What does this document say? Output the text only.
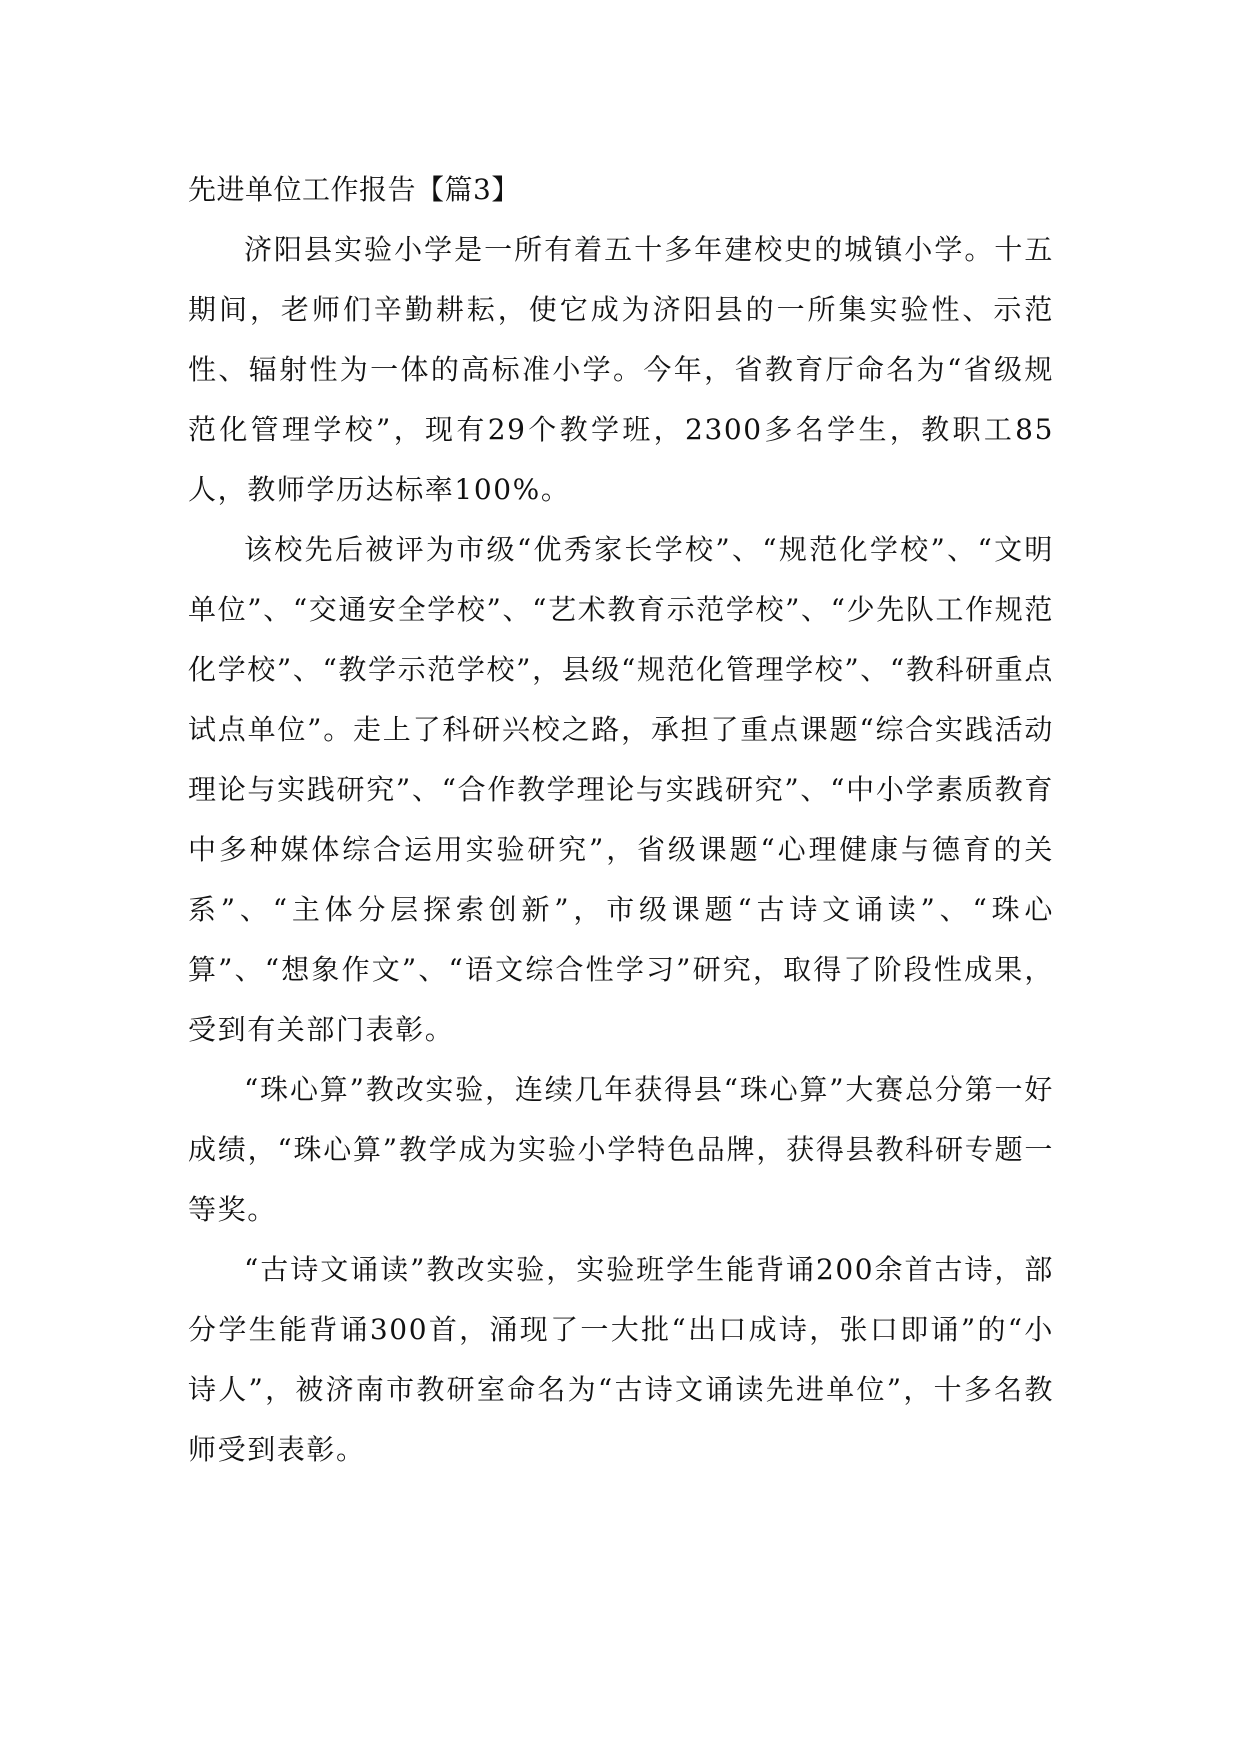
先进单位工作报告【篇3】

济阳县实验小学是一所有着五十多年建校史的城镇小学。十五期间，老师们辛勤耕耘，使它成为济阳县的一所集实验性、示范性、辐射性为一体的高标准小学。今年，省教育厅命名为“省级规范化管理学校”，现有29个教学班，2300多名学生，教职工85人，教师学历达标率100%。

该校先后被评为市级“优秀家长学校”、“规范化学校”、“文明单位”、“交通安全学校”、“艺术教育示范学校”、“少先队工作规范化学校”、“教学示范学校”，县级“规范化管理学校”、“教科研重点试点单位”。走上了科研兴校之路，承担了重点课题“综合实践活动理论与实践研究”、“合作教学理论与实践研究”、“中小学素质教育中多种媒体综合运用实验研究”，省级课题“心理健康与德育的关系”、“主体分层探索创新”，市级课题“古诗文诵读”、“珠心算”、“想象作文”、“语文综合性学习”研究，取得了阶段性成果，受到有关部门表彰。

“珠心算”教改实验，连续几年获得县“珠心算”大赛总分第一好成绩，“珠心算”教学成为实验小学特色品牌，获得县教科研专题一等奖。

“古诗文诵读”教改实验，实验班学生能背诵200余首古诗，部分学生能背诵300首，涌现了一大批“出口成诗，张口即诵”的“小诗人”，被济南市教研室命名为“古诗文诵读先进单位”，十多名教师受到表彰。
